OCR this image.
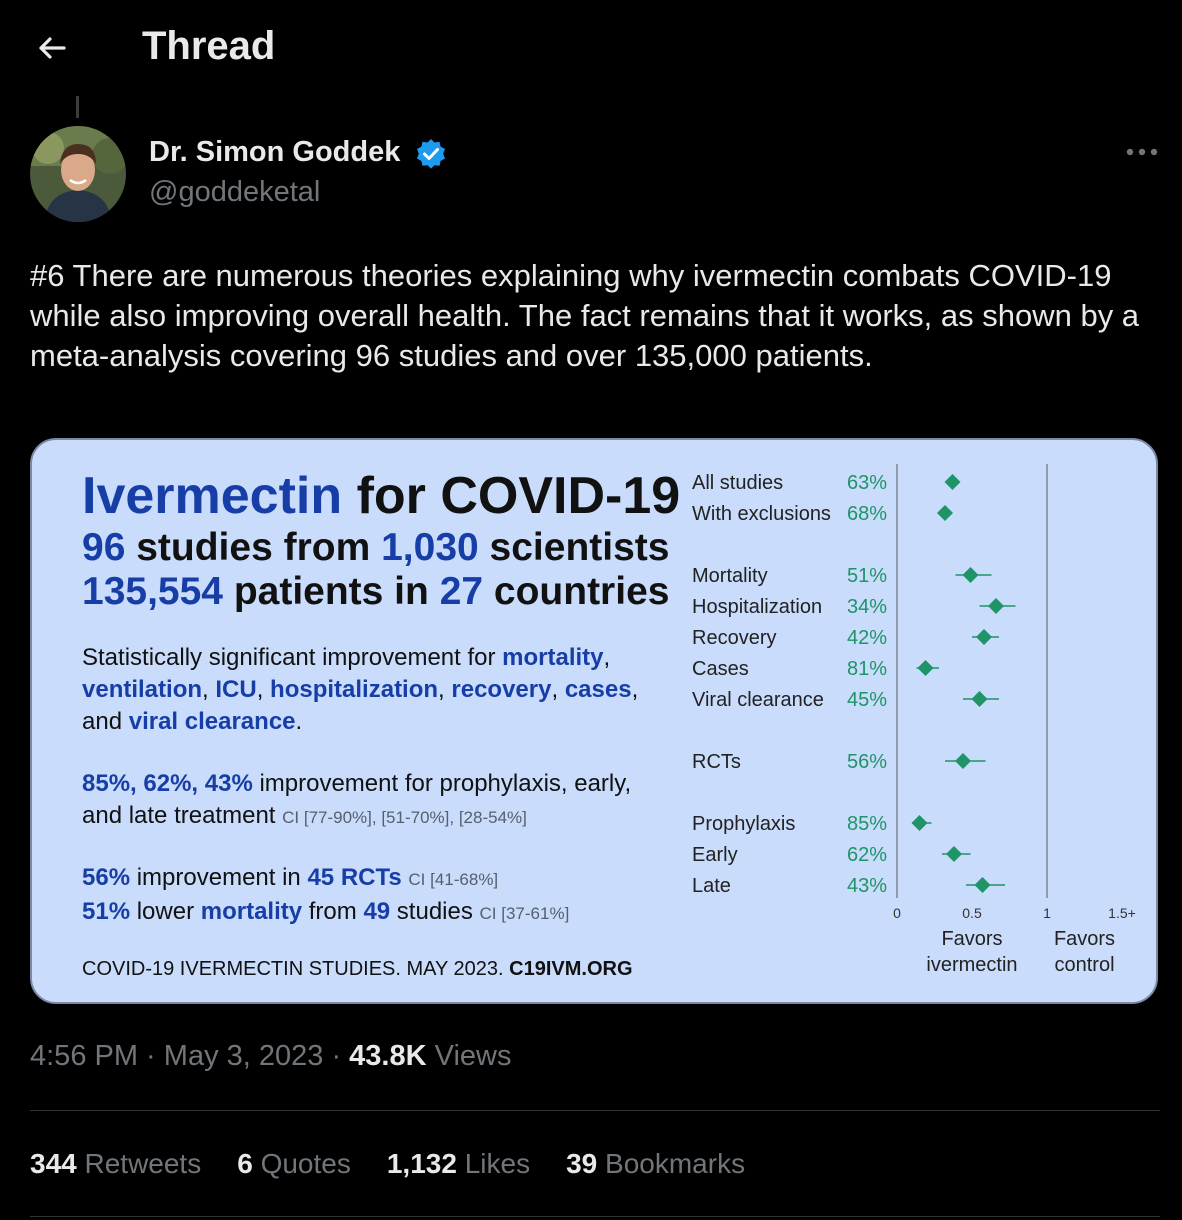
Thread
Dr. Simon Goddek
@goddeketal
#6 There are numerous theories explaining why ivermectin combats COVID-19 while also improving overall health. The fact remains that it works, as shown by a meta-analysis covering 96 studies and over 135,000 patients.
Ivermectin for COVID-19
96 studies from 1,030 scientists
135,554 patients in 27 countries
Statistically significant improvement for mortality,
ventilation, ICU, hospitalization, recovery, cases,
and viral clearance.
85%, 62%, 43% improvement for prophylaxis, early,
and late treatment CI [77-90%], [51-70%], [28-54%]
56% improvement in 45 RCTs CI [41-68%]
51% lower mortality from 49 studies CI [37-61%]
COVID-19 IVERMECTIN STUDIES. MAY 2023. C19IVM.ORG
All studies	63%
With exclusions 68%
Mortality	51%
Hospitalization 34%
Recovery	42%
Cases	81%
Viral clearance 45%
RCTs	56%
Prophylaxis	85%
Early	62%
Late	43%
0	0.5	1	1.5+
Favors
ivermectin
Favors
control
4:56 PM · May 3, 2023 · 43.8K Views
344 Retweets 6 Quotes 1,132 Likes 39 Bookmarks
